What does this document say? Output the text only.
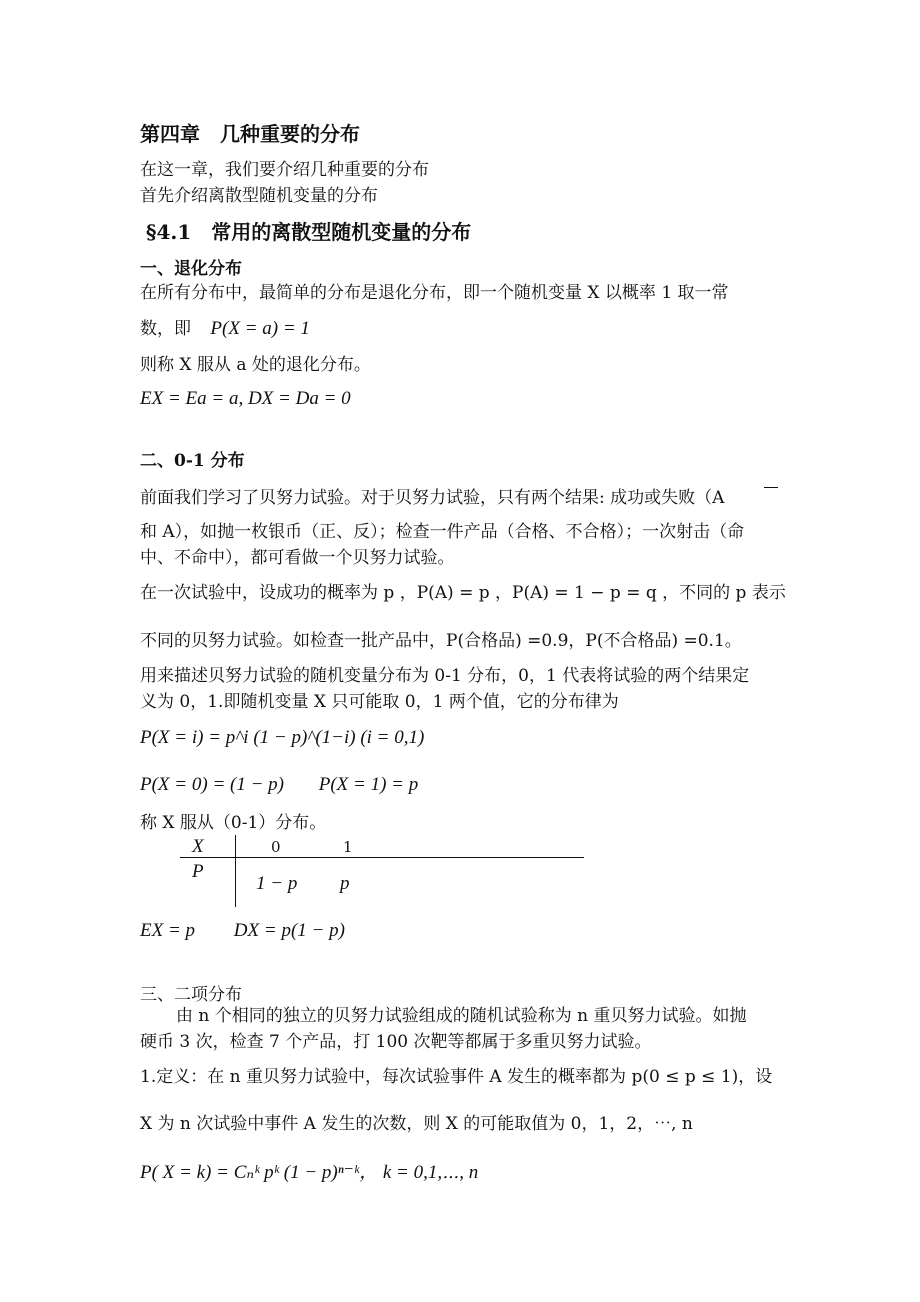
第四章　几种重要的分布
在这一章，我们要介绍几种重要的分布
首先介绍离散型随机变量的分布
§4.1　常用的离散型随机变量的分布
一、退化分布
在所有分布中，最简单的分布是退化分布，即一个随机变量 X 以概率 1 取一常
数，即 P(X = a) = 1
则称 X 服从 a 处的退化分布。
EX = Ea = a, DX = Da = 0
二、0-1 分布
前面我们学习了贝努力试验。对于贝努力试验，只有两个结果: 成功或失败（A
和 A），如抛一枚银币（正、反）；检查一件产品（合格、不合格）；一次射击（命
中、不命中），都可看做一个贝努力试验。
在一次试验中，设成功的概率为 p ，P(A) = p ，P(A) = 1 − p = q ，不同的 p 表示
不同的贝努力试验。如检查一批产品中，P(合格品) =0.9，P(不合格品) =0.1。
用来描述贝努力试验的随机变量分布为 0-1 分布，0，1 代表将试验的两个结果定
义为 0，1.即随机变量 X 只可能取 0，1 两个值，它的分布律为
P(X = i) = p^i (1 − p)^(1−i) (i = 0,1)
P(X = 0) = (1 − p) P(X = 1) = p
称 X 服从（0-1）分布。
X	0	1
P
1 − p p
EX = p DX = p(1 − p)
三、二项分布
由 n 个相同的独立的贝努力试验组成的随机试验称为 n 重贝努力试验。如抛
硬币 3 次，检查 7 个产品，打 100 次靶等都属于多重贝努力试验。
1.定义：在 n 重贝努力试验中，每次试验事件 A 发生的概率都为 p(0 ≤ p ≤ 1)，设
X 为 n 次试验中事件 A 发生的次数，则 X 的可能取值为 0，1，2，⋯, n
P( X = k) = Cₙᵏ pᵏ (1 − p)ⁿ⁻ᵏ， k = 0,1,⋯, n
